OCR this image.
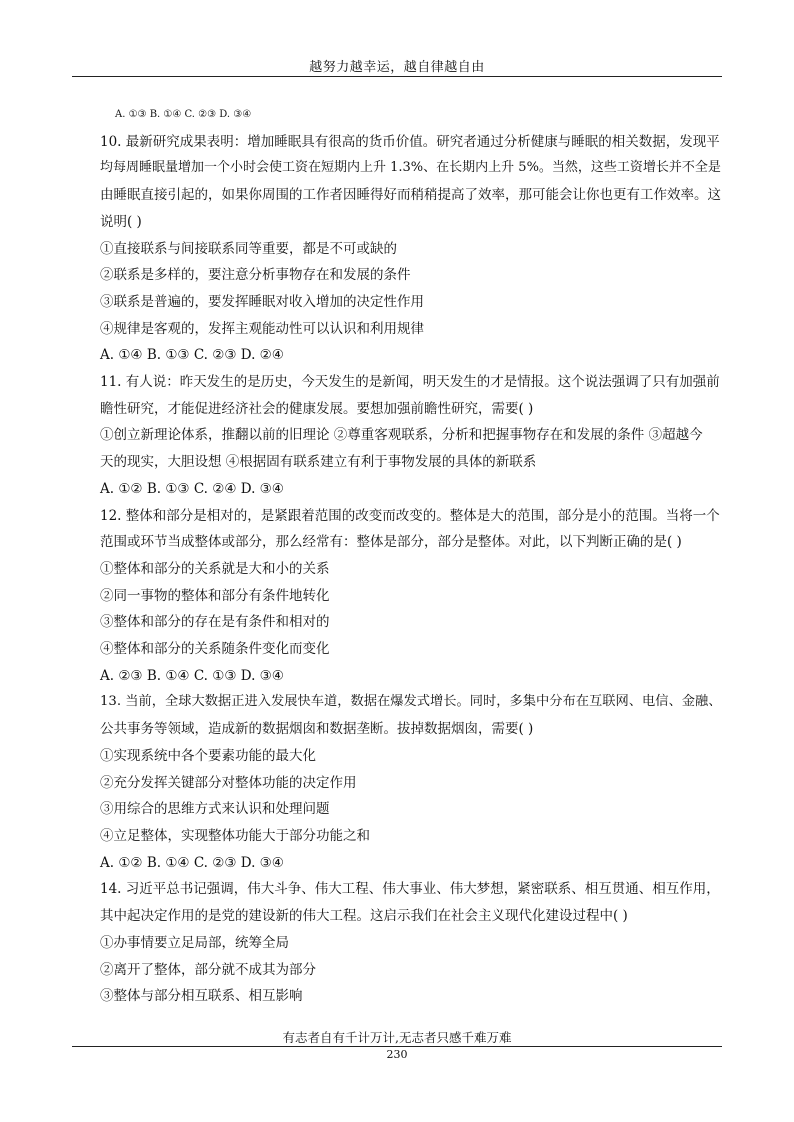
越努力越幸运，越自律越自由
A. ①③ B. ①④ C. ②③ D. ③④
10. 最新研究成果表明：增加睡眠具有很高的货币价值。研究者通过分析健康与睡眠的相关数据，发现平
均每周睡眠量增加一个小时会使工资在短期内上升 1.3%、在长期内上升 5%。当然，这些工资增长并不全是
由睡眠直接引起的，如果你周围的工作者因睡得好而稍稍提高了效率，那可能会让你也更有工作效率。这
说明( )
①直接联系与间接联系同等重要，都是不可或缺的
②联系是多样的，要注意分析事物存在和发展的条件
③联系是普遍的，要发挥睡眠对收入增加的决定性作用
④规律是客观的，发挥主观能动性可以认识和利用规律
A. ①④ B. ①③ C. ②③ D. ②④
11. 有人说：昨天发生的是历史，今天发生的是新闻，明天发生的才是情报。这个说法强调了只有加强前
瞻性研究，才能促进经济社会的健康发展。要想加强前瞻性研究，需要( )
①创立新理论体系，推翻以前的旧理论 ②尊重客观联系，分析和把握事物存在和发展的条件 ③超越今
天的现实，大胆设想 ④根据固有联系建立有利于事物发展的具体的新联系
A. ①② B. ①③ C. ②④ D. ③④
12. 整体和部分是相对的，是紧跟着范围的改变而改变的。整体是大的范围，部分是小的范围。当将一个
范围或环节当成整体或部分，那么经常有：整体是部分，部分是整体。对此，以下判断正确的是( )
①整体和部分的关系就是大和小的关系
②同一事物的整体和部分有条件地转化
③整体和部分的存在是有条件和相对的
④整体和部分的关系随条件变化而变化
A. ②③ B. ①④ C. ①③ D. ③④
13. 当前，全球大数据正进入发展快车道，数据在爆发式增长。同时，多集中分布在互联网、电信、金融、
公共事务等领域，造成新的数据烟囱和数据垄断。拔掉数据烟囱，需要( )
①实现系统中各个要素功能的最大化
②充分发挥关键部分对整体功能的决定作用
③用综合的思维方式来认识和处理问题
④立足整体，实现整体功能大于部分功能之和
A. ①② B. ①④ C. ②③ D. ③④
14. 习近平总书记强调，伟大斗争、伟大工程、伟大事业、伟大梦想，紧密联系、相互贯通、相互作用，
其中起决定作用的是党的建设新的伟大工程。这启示我们在社会主义现代化建设过程中( )
①办事情要立足局部，统筹全局
②离开了整体，部分就不成其为部分
③整体与部分相互联系、相互影响
有志者自有千计万计,无志者只感千难万难
230
